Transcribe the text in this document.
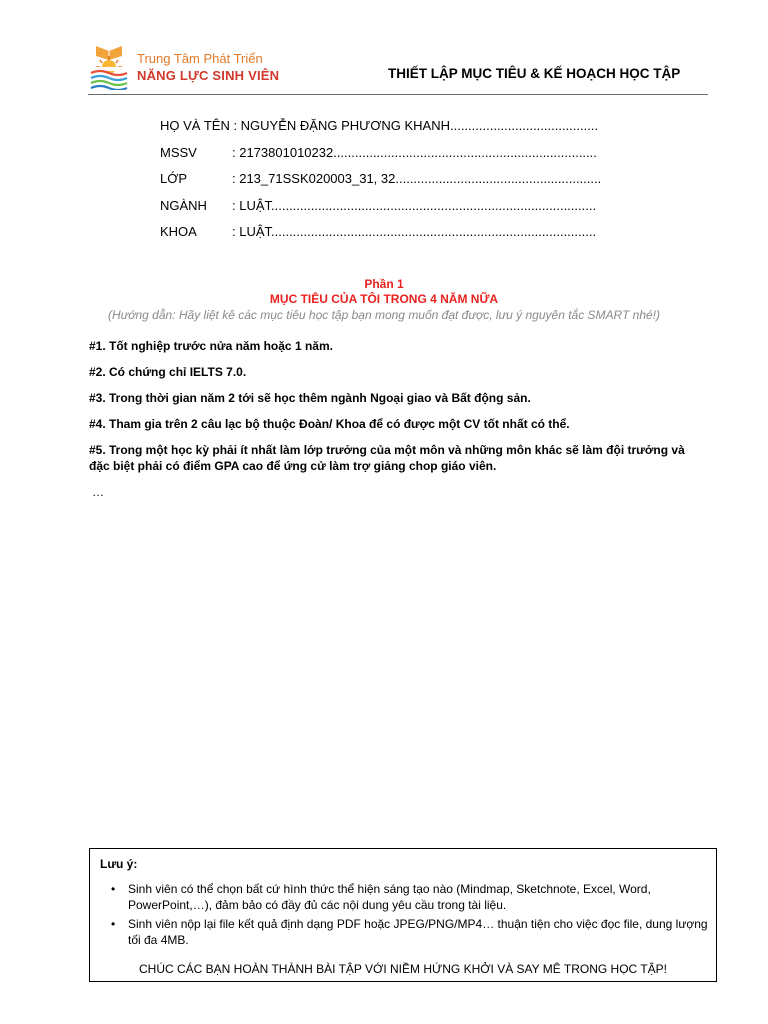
Trung Tâm Phát Triển
NĂNG LỰC SINH VIÊN	THIẾT LẬP MỤC TIÊU & KẾ HOẠCH HỌC TẬP
HỌ VÀ TÊN : NGUYỄN ĐẶNG PHƯƠNG KHANH.........................................
MSSV	: 2173801010232.........................................................................
LỚP	: 213_71SSK020003_31, 32.........................................................
NGÀNH : LUẬT..........................................................................................
KHOA	: LUẬT..........................................................................................
Phần 1
MỤC TIÊU CỦA TÔI TRONG 4 NĂM NỮA
(Hướng dẫn: Hãy liệt kê các mục tiêu học tập bạn mong muốn đạt được, lưu ý nguyên tắc SMART nhé!)
#1. Tốt nghiệp trước nửa năm hoặc 1 năm.
#2. Có chứng chỉ IELTS 7.0.
#3. Trong thời gian năm 2 tới sẽ học thêm ngành Ngoại giao và Bất động sản.
#4. Tham gia trên 2 câu lạc bộ thuộc Đoàn/ Khoa để có được một CV tốt nhất có thể.
#5. Trong một học kỳ phải ít nhất làm lớp trưởng của một môn và những môn khác sẽ làm đội trưởng và đặc biệt phải có điểm GPA cao để ứng cử làm trợ giảng chop giáo viên.
…
Lưu ý:
• Sinh viên có thể chọn bất cứ hình thức thể hiện sáng tạo nào (Mindmap, Sketchnote, Excel, Word, PowerPoint,…), đảm bảo có đầy đủ các nội dung yêu cầu trong tài liệu.
• Sinh viên nộp lại file kết quả định dạng PDF hoặc JPEG/PNG/MP4… thuận tiện cho việc đọc file, dung lượng tối đa 4MB.
CHÚC CÁC BẠN HOÀN THÀNH BÀI TẬP VỚI NIỀM HỨNG KHỞI VÀ SAY MÊ TRONG HỌC TẬP!
